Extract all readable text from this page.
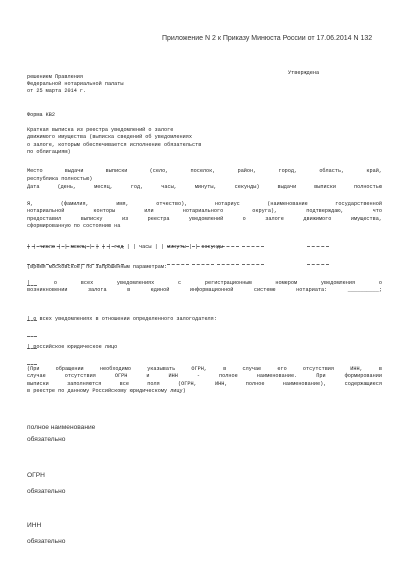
Приложение N 2 к Приказу Минюста России от 17.06.2014 N 132
Утверждена
решением Правления
Федеральной нотариальной палаты
от 25 марта 2014 г.
Форма КВ2
Краткая выписка из реестра уведомлений о залоге
движимого имущества (выписка сведений об уведомлениях
о залоге, которым обеспечивается исполнение обязательств
по облигациям)
Место выдачи выписки (село, поселок, район, город, область, край,
республика полностью)
Дата (день, месяц, год, часы, минуты, секунды) выдачи выписки полностью
Я, (фамилия, имя, отчество), нотариус (наименование государственной
нотариальной конторы или нотариального округа), подтверждаю, что
предоставил выписку из реестра уведомлений о залоге движимого имущества,
сформированную по состоянию на
| | число | | месяц | | | | год | | часы | | минуты | | секунды
(время московское) по запрошенным параметрам:
| о всех уведомлениях с регистрационным номером уведомления о
возникновении залога в единой информационной системе нотариата: __________;
| о всех уведомлениях в отношении определенного залогодателя:
| российское юридическое лицо
(При обращении необходимо указывать ОГРН, в случае его отсутствия ИНН, в
случае отсутствия ОГРН и ИНН - полное наименование. При формировании
выписки заполняются все поля (ОГРН, ИНН, полное наименование), содержащиеся
в реестре по данному Российскому юридическому лицу)
полное наименование
обязательно
ОГРН
обязательно
ИНН
обязательно
